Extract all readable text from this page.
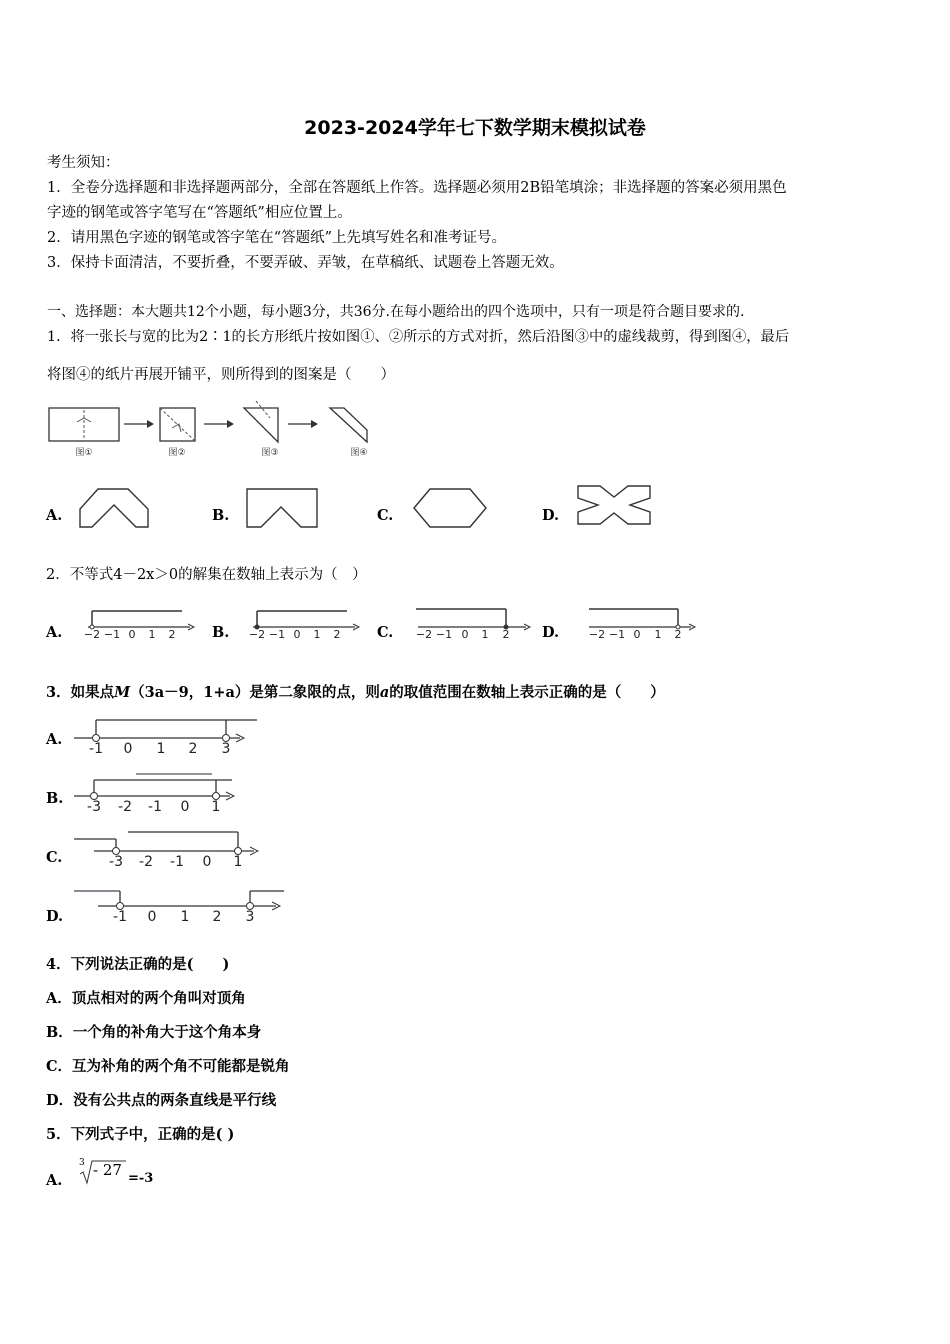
2023-2024学年七下数学期末模拟试卷
考生须知：
1．全卷分选择题和非选择题两部分，全部在答题纸上作答。选择题必须用2B铅笔填涂；非选择题的答案必须用黑色
字迹的钢笔或答字笔写在“答题纸”相应位置上。
2．请用黑色字迹的钢笔或答字笔在“答题纸”上先填写姓名和准考证号。
3．保持卡面清洁，不要折叠，不要弄破、弄皱，在草稿纸、试题卷上答题无效。
一、选择题：本大题共12个小题，每小题3分，共36分.在每小题给出的四个选项中，只有一项是符合题目要求的.
1．将一张长与宽的比为2∶1的长方形纸片按如图①、②所示的方式对折，然后沿图③中的虚线裁剪，得到图④，最后
将图④的纸片再展开铺平，则所得到的图案是（　　）
图①	图②	图③	图④
A.	B.	C.	D.
2．不等式4－2x＞0的解集在数轴上表示为（　）
A. −2 −1 0 1 2	B. −2 −1 0 1 2	C. −2 −1 0 1 2 D.	−2 −1 0 1 2
3．如果点M（3a－9，1+a）是第二象限的点，则a的取值范围在数轴上表示正确的是（　　）
A.
-1 0 1 2 3
B. -3 -2 -1 0 1
C.	-3 -2 -1 0 1
D.	-1 0 1 2 3
4．下列说法正确的是(　　)
A．顶点相对的两个角叫对顶角
B．一个角的补角大于这个角本身
C．互为补角的两个角不可能都是锐角
D．没有公共点的两条直线是平行线
5．下列式子中，正确的是( )
A.
3 - 27 =-3
